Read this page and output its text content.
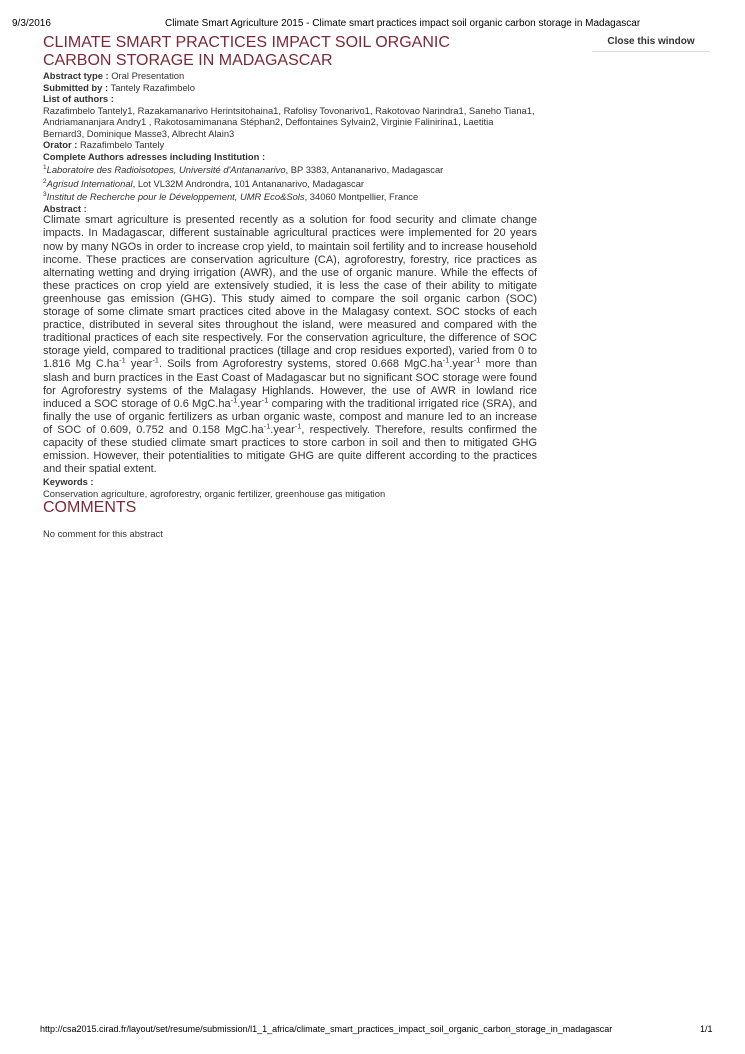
9/3/2016	Climate Smart Agriculture 2015 - Climate smart practices impact soil organic carbon storage in Madagascar
Close this window
CLIMATE SMART PRACTICES IMPACT SOIL ORGANIC
CARBON STORAGE IN MADAGASCAR

Abstract type : Oral Presentation

Submitted by : Tantely Razafimbelo

List of authors :

Razafimbelo Tantely1, Razakamanarivo Herintsitohaina1, Rafolisy Tovonarivo1, Rakotovao Narindra1, Saneho Tiana1, Andriamananjara Andry1 , Rakotosamimanana Stéphan2, Deffontaines Sylvain2, Virginie Falinirina1, Laetitia Bernard3, Dominique Masse3, Albrecht Alain3

Orator : Razafimbelo Tantely

Complete Authors adresses including Institution :

$^1$Laboratoire des Radioisotopes, Université d'Antananarivo, BP 3383, Antananarivo, Madagascar

$^2$Agrisud International, Lot VL32M Androndra, 101 Antananarivo, Madagascar

$^3$Institut de Recherche pour le Développement, UMR Eco&Sols, 34060 Montpellier, France

Abstract :

Climate smart agriculture is presented recently as a solution for food security and climate change impacts. In Madagascar, different sustainable agricultural practices were implemented for 20 years now by many NGOs in order to increase crop yield, to maintain soil fertility and to increase household income. These practices are conservation agriculture (CA), agroforestry, forestry, rice practices as alternating wetting and drying irrigation (AWR), and the use of organic manure. While the effects of these practices on crop yield are extensively studied, it is less the case of their ability to mitigate greenhouse gas emission (GHG). This study aimed to compare the soil organic carbon (SOC) storage of some climate smart practices cited above in the Malagasy context. SOC stocks of each practice, distributed in several sites throughout the island, were measured and compared with the traditional practices of each site respectively. For the conservation agriculture, the difference of SOC storage yield, compared to traditional practices (tillage and crop residues exported), varied from 0 to 1.816 Mg $C.ha^{-1}$ year$^{-1}$. Soils from Agroforestry systems, stored 0.668 $MgC.ha^{-1}.year^{-1}$ more than slash and burn practices in the East Coast of Madagascar but no significant SOC storage were found for Agroforestry systems of the Malagasy Highlands. However, the use of AWR in lowland rice induced a SOC storage of 0.6 $MgC.ha^{-1}.year^{-1}$ comparing with the traditional irrigated rice (SRA), and finally the use of organic fertilizers as urban organic waste, compost and manure led to an increase of SOC of 0.609, 0.752 and 0.158 $MgC.ha^{-1}.year^{-1}$, respectively. Therefore, results confirmed the capacity of these studied climate smart practices to store carbon in soil and then to mitigated GHG emission. However, their potentialities to mitigate GHG are quite different according to the practices and their spatial extent.

Keywords :

Conservation agriculture, agroforestry, organic fertilizer, greenhouse gas mitigation

COMMENTS

No comment for this abstract

http://csa2015.cirad.fr/layout/set/resume/submission/l1_1_africa/climate_smart_practices_impact_soil_organic_carbon_storage_in_madagascar	1/1
